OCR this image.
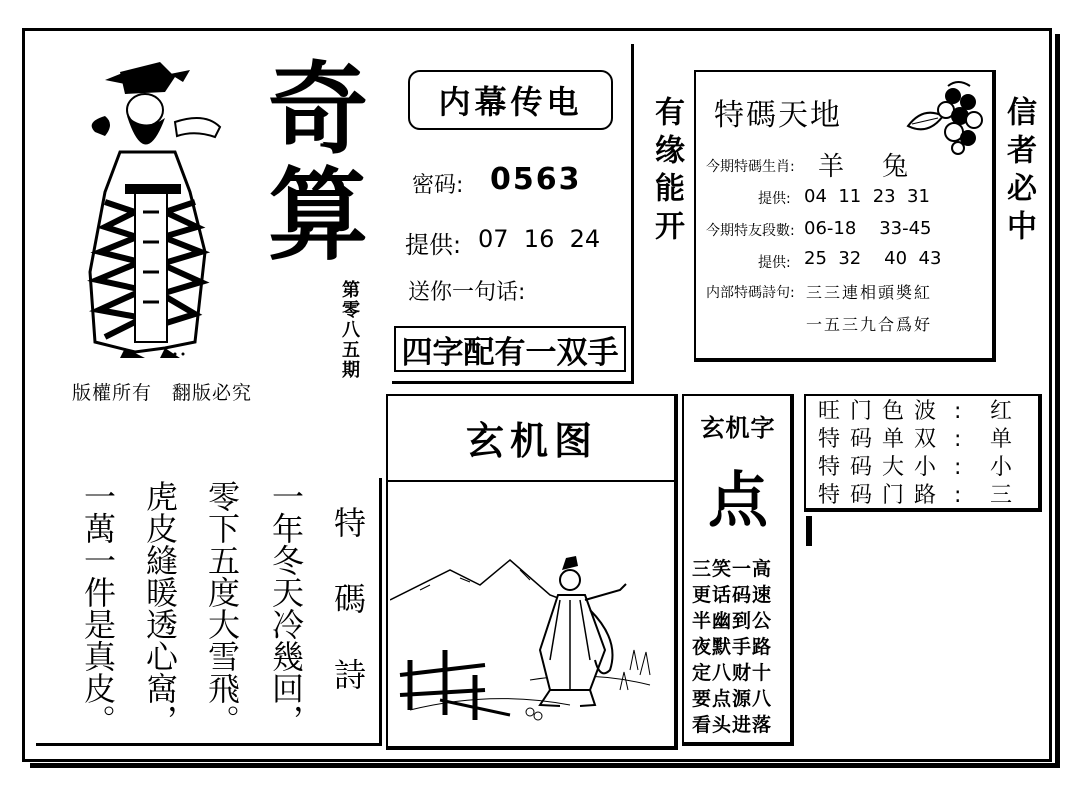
版權所有　翻版必究
奇
算
第零八五期
内幕传电
密码: 0563
提供: 07  16  24
送你一句话:
四字配有一双手
有缘能开	信者必中
特碼天地
今期特碼生肖: 羊　兔
提供: 04  11  23  31
今期特友段數: 06-18    33-45
提供: 25  32    40  43
内部特碼詩句: 三三連相頭奬紅
一五三九合爲好
旺门色波 :	红
特码单双 :	单
特码大小 :	小
特码门路 :	三
玄机图	玄机字
点
三笑一高
更话码速
半幽到公
夜默手路
定八财十
要点源八
看头进落
特碼詩
一年冬天冷幾回，
零下五度大雪飛。
虎皮縫暖透心窩，
一萬一件是真皮。
